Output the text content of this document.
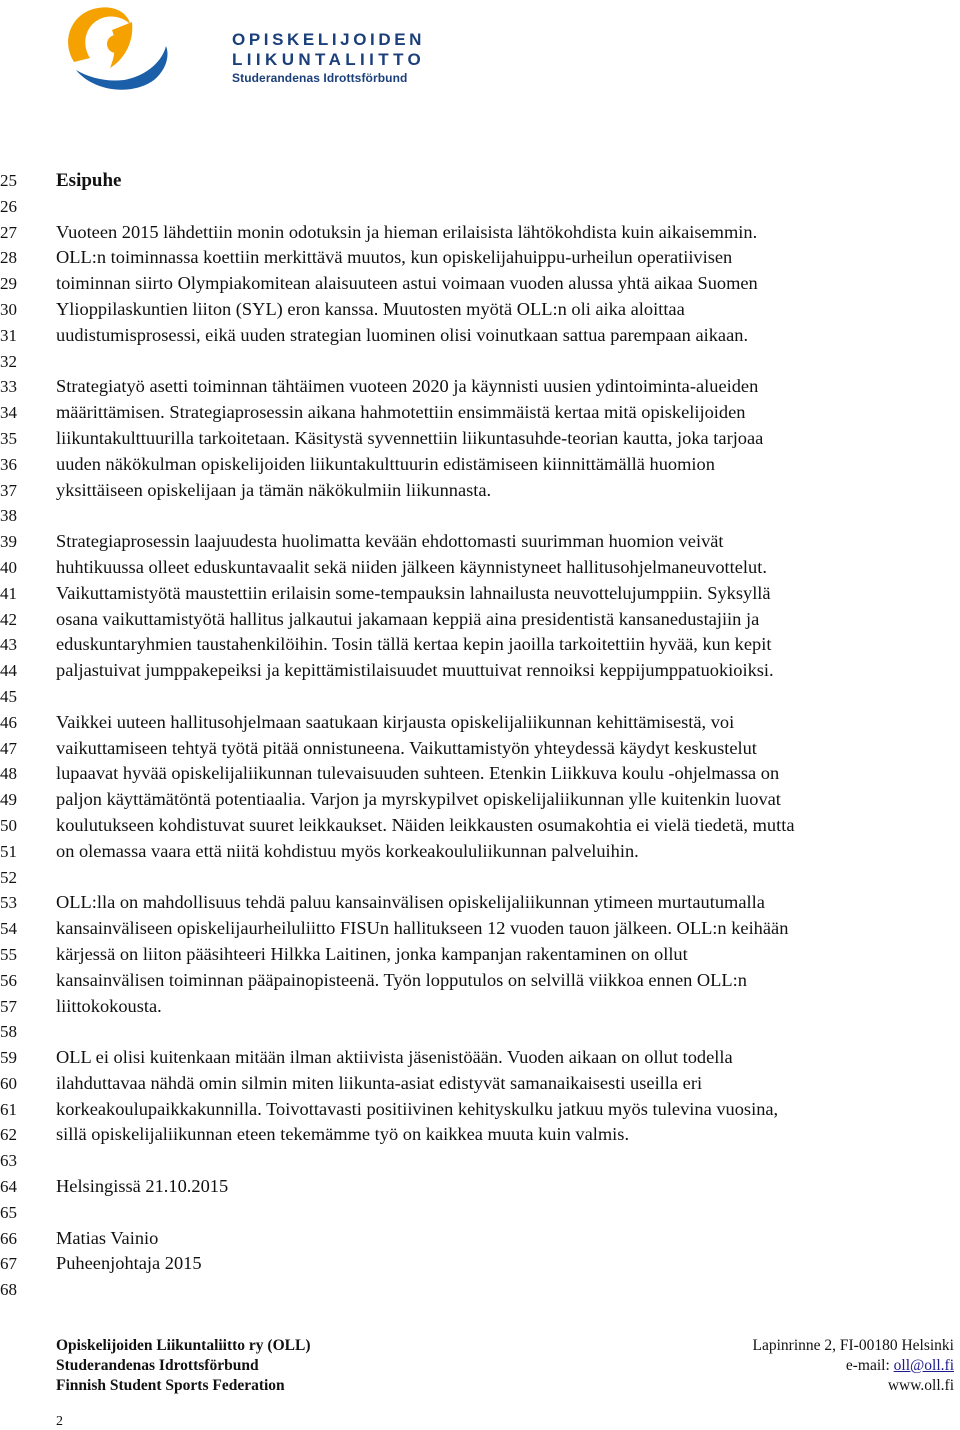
OPISKELIJOIDEN
LIIKUNTALIITTO
Studerandenas Idrottsförbund
25
26
27
28
29
30
31
32
33
34
35
36
37
38
39
40
41
42
43
44
45
46
47
48
49
50
51
52
53
54
55
56
57
58
59
60
61
62
63
64
65
66
67
68
Esipuhe
Vuoteen 2015 lähdettiin monin odotuksin ja hieman erilaisista lähtökohdista kuin aikaisemmin.
OLL:n toiminnassa koettiin merkittävä muutos, kun opiskelijahuippu-urheilun operatiivisen
toiminnan siirto Olympiakomitean alaisuuteen astui voimaan vuoden alussa yhtä aikaa Suomen
Ylioppilaskuntien liiton (SYL) eron kanssa. Muutosten myötä OLL:n oli aika aloittaa
uudistumisprosessi, eikä uuden strategian luominen olisi voinutkaan sattua parempaan aikaan.
Strategiatyö asetti toiminnan tähtäimen vuoteen 2020 ja käynnisti uusien ydintoiminta-alueiden
määrittämisen. Strategiaprosessin aikana hahmotettiin ensimmäistä kertaa mitä opiskelijoiden
liikuntakulttuurilla tarkoitetaan. Käsitystä syvennettiin liikuntasuhde-teorian kautta, joka tarjoaa
uuden näkökulman opiskelijoiden liikuntakulttuurin edistämiseen kiinnittämällä huomion
yksittäiseen opiskelijaan ja tämän näkökulmiin liikunnasta.
Strategiaprosessin laajuudesta huolimatta kevään ehdottomasti suurimman huomion veivät
huhtikuussa olleet eduskuntavaalit sekä niiden jälkeen käynnistyneet hallitusohjelmaneuvottelut.
Vaikuttamistyötä maustettiin erilaisin some-tempauksin lahnailusta neuvottelujumppiin. Syksyllä
osana vaikuttamistyötä hallitus jalkautui jakamaan keppiä aina presidentistä kansanedustajiin ja
eduskuntaryhmien taustahenkilöihin. Tosin tällä kertaa kepin jaoilla tarkoitettiin hyvää, kun kepit
paljastuivat jumppakepeiksi ja kepittämistilaisuudet muuttuivat rennoiksi keppijumppatuokioiksi.
Vaikkei uuteen hallitusohjelmaan saatukaan kirjausta opiskelijaliikunnan kehittämisestä, voi
vaikuttamiseen tehtyä työtä pitää onnistuneena. Vaikuttamistyön yhteydessä käydyt keskustelut
lupaavat hyvää opiskelijaliikunnan tulevaisuuden suhteen. Etenkin Liikkuva koulu -ohjelmassa on
paljon käyttämätöntä potentiaalia. Varjon ja myrskypilvet opiskelijaliikunnan ylle kuitenkin luovat
koulutukseen kohdistuvat suuret leikkaukset. Näiden leikkausten osumakohtia ei vielä tiedetä, mutta
on olemassa vaara että niitä kohdistuu myös korkeakoululiikunnan palveluihin.
OLL:lla on mahdollisuus tehdä paluu kansainvälisen opiskelijaliikunnan ytimeen murtautumalla
kansainväliseen opiskelijaurheiluliitto FISUn hallitukseen 12 vuoden tauon jälkeen. OLL:n keihään
kärjessä on liiton pääsihteeri Hilkka Laitinen, jonka kampanjan rakentaminen on ollut
kansainvälisen toiminnan pääpainopisteenä. Työn lopputulos on selvillä viikkoa ennen OLL:n
liittokokousta.
OLL ei olisi kuitenkaan mitään ilman aktiivista jäsenistöään. Vuoden aikaan on ollut todella
ilahduttavaa nähdä omin silmin miten liikunta-asiat edistyvät samanaikaisesti useilla eri
korkeakoulupaikkakunnilla. Toivottavasti positiivinen kehityskulku jatkuu myös tulevina vuosina,
sillä opiskelijaliikunnan eteen tekemämme työ on kaikkea muuta kuin valmis.
Helsingissä 21.10.2015
Matias Vainio
Puheenjohtaja 2015
Opiskelijoiden Liikuntaliitto ry (OLL)
Studerandenas Idrottsförbund
Finnish Student Sports Federation
Lapinrinne 2, FI-00180 Helsinki
e-mail: oll@oll.fi
www.oll.fi
2
